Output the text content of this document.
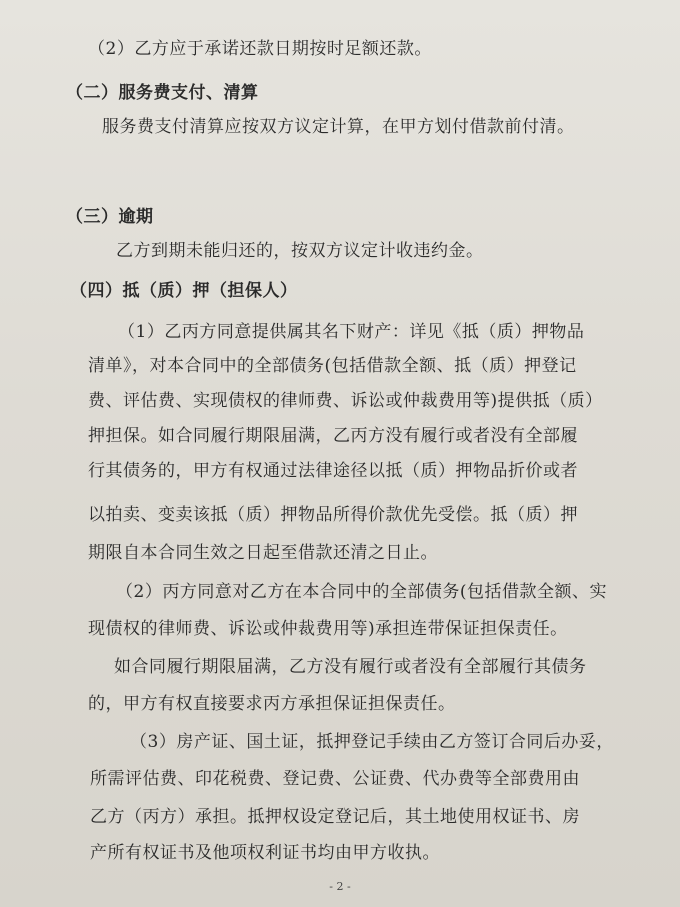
（2）乙方应于承诺还款日期按时足额还款。
（二）服务费支付、清算
服务费支付清算应按双方议定计算，在甲方划付借款前付清。
（三）逾期
乙方到期未能归还的，按双方议定计收违约金。
（四）抵（质）押（担保人）
（1）乙丙方同意提供属其名下财产：详见《抵（质）押物品
清单》，对本合同中的全部债务(包括借款全额、抵（质）押登记
费、评估费、实现债权的律师费、诉讼或仲裁费用等)提供抵（质）
押担保。如合同履行期限届满，乙丙方没有履行或者没有全部履
行其债务的，甲方有权通过法律途径以抵（质）押物品折价或者
以拍卖、变卖该抵（质）押物品所得价款优先受偿。抵（质）押
期限自本合同生效之日起至借款还清之日止。
（2）丙方同意对乙方在本合同中的全部债务(包括借款全额、实
现债权的律师费、诉讼或仲裁费用等)承担连带保证担保责任。
如合同履行期限届满，乙方没有履行或者没有全部履行其债务
的，甲方有权直接要求丙方承担保证担保责任。
（3）房产证、国土证，抵押登记手续由乙方签订合同后办妥，
所需评估费、印花税费、登记费、公证费、代办费等全部费用由
乙方（丙方）承担。抵押权设定登记后，其土地使用权证书、房
产所有权证书及他项权利证书均由甲方收执。
- 2 -
